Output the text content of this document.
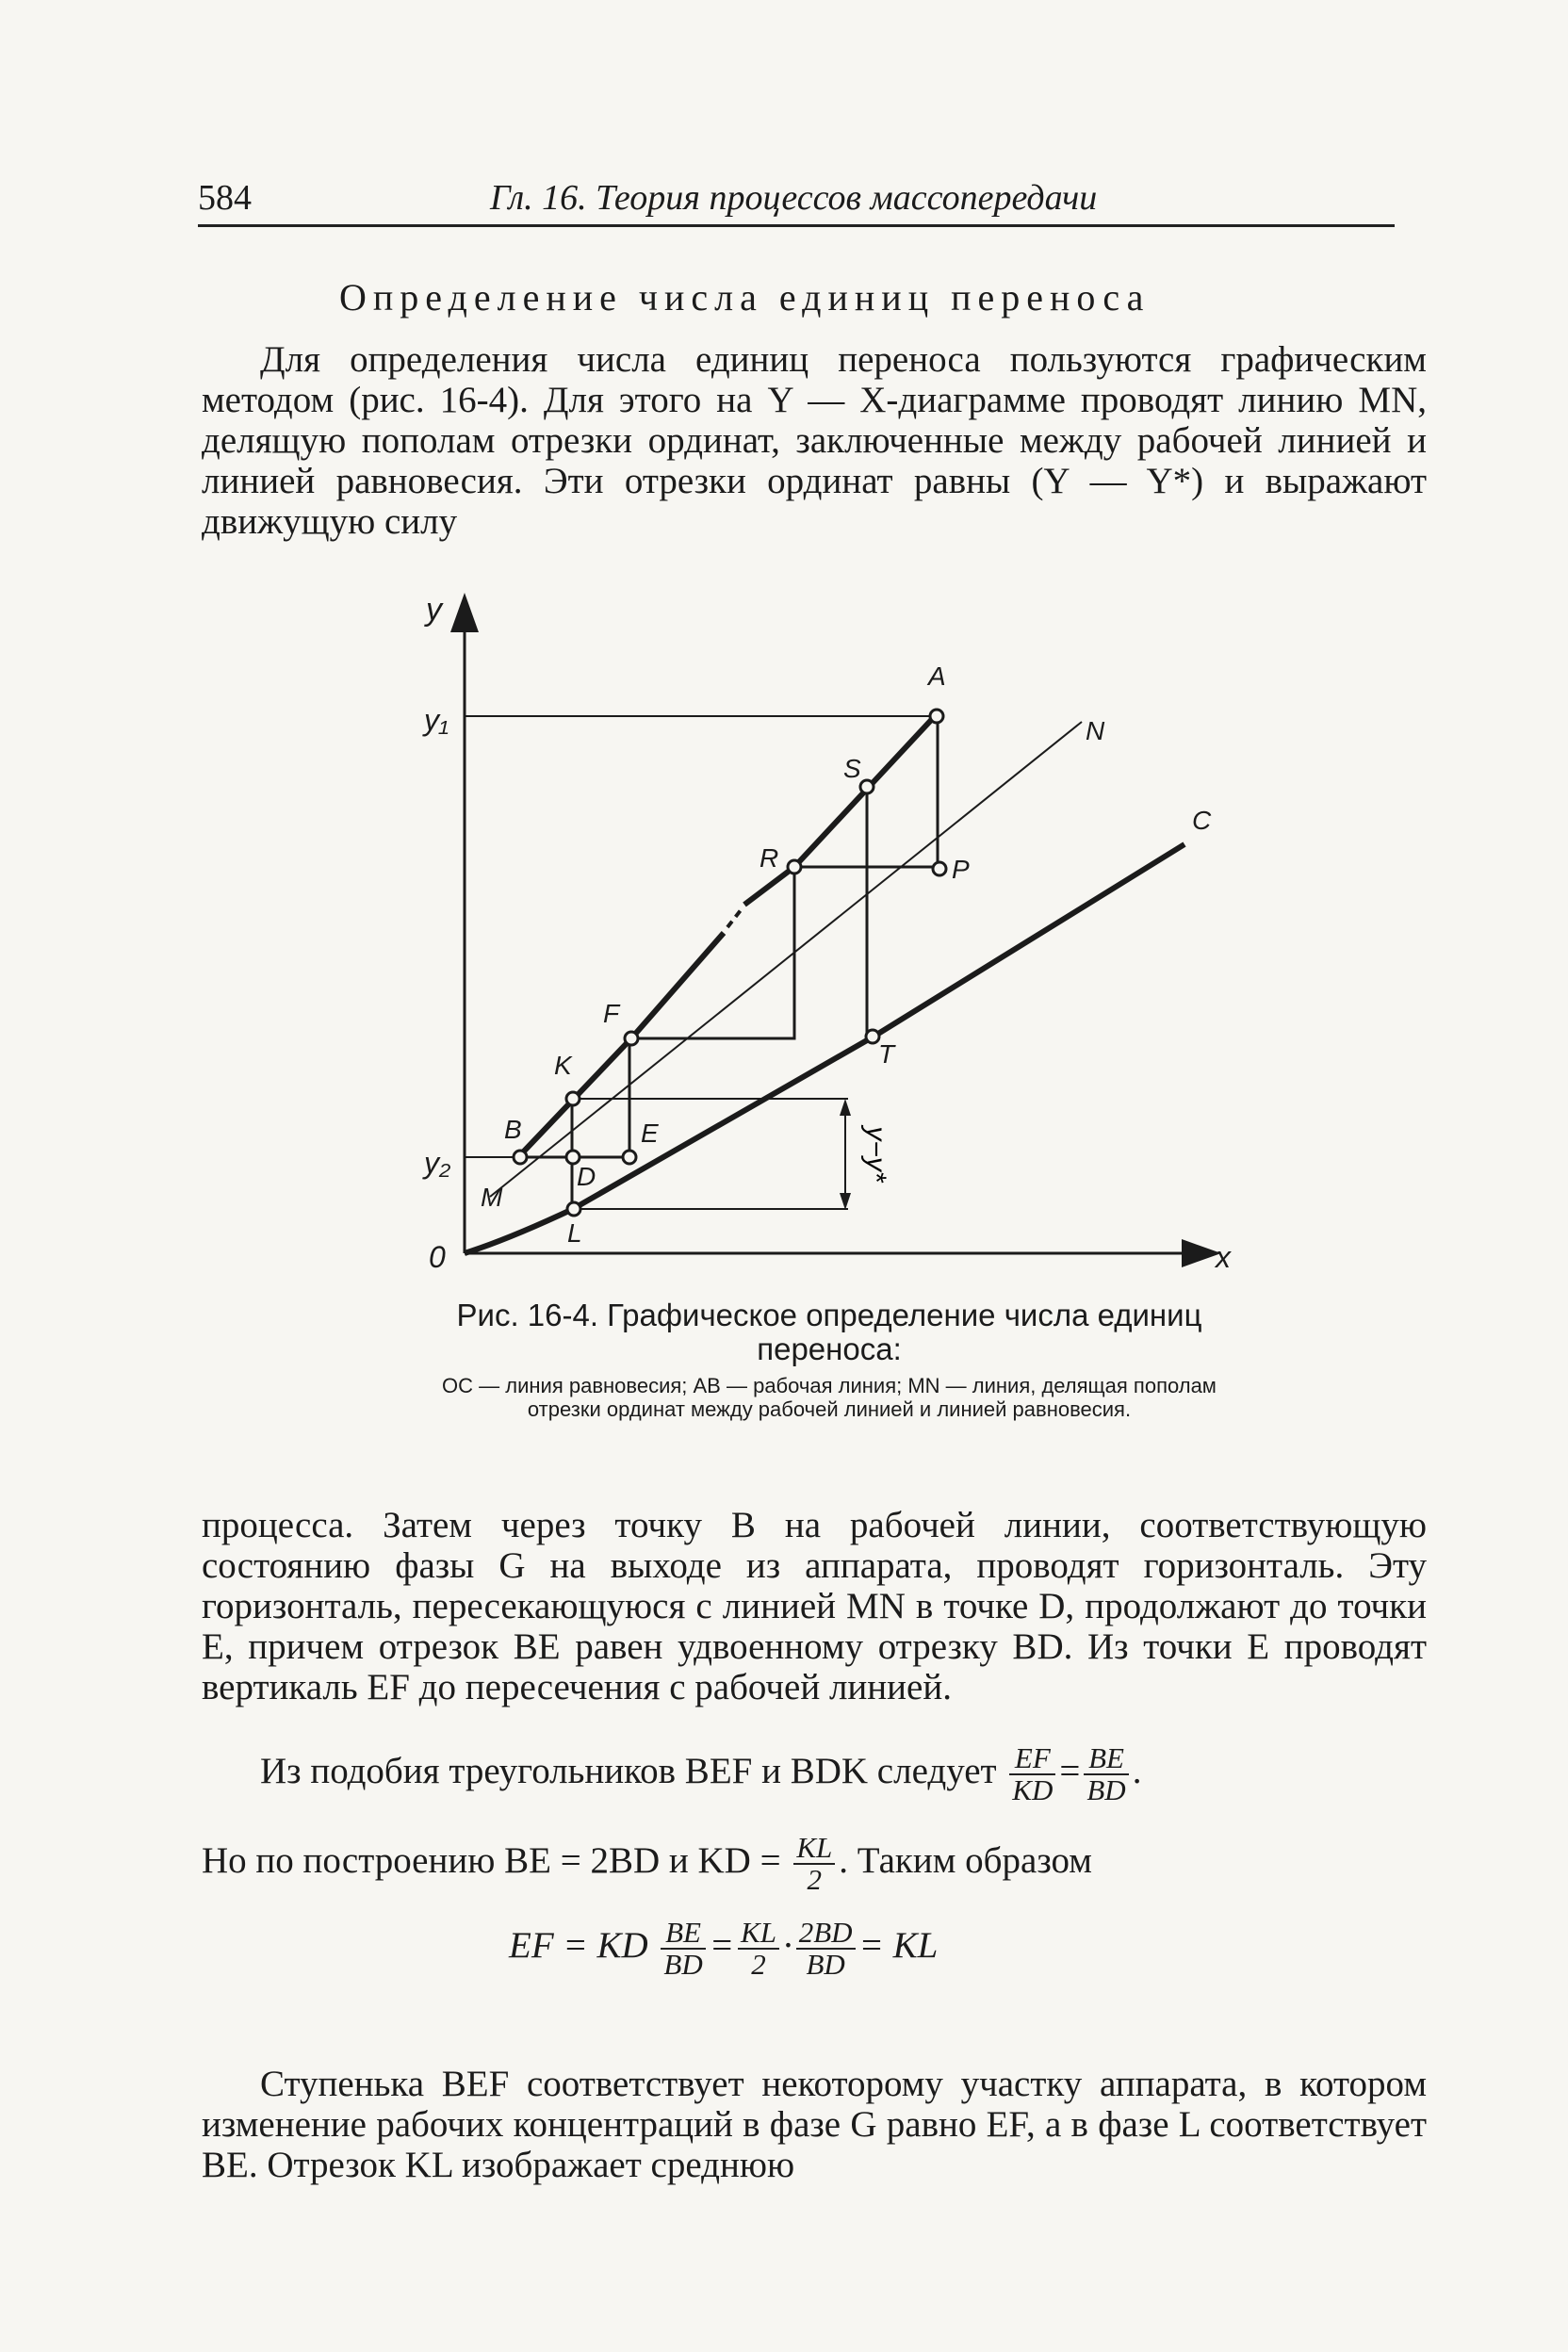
584	Гл. 16. Теория процессов массопередачи
Определение числа единиц переноса

Для определения числа единиц переноса пользуются графическим методом (рис. 16-4). Для этого на Y — X-диаграмме проводят линию MN, делящую пополам отрезки ординат, заключенные между рабочей линией и линией равновесия. Эти отрезки ординат равны (Y — Y*) и выражают движущую силу

y−y*
y
x
0
y₁
y₂
A
N
S
C
R	P
F
T
K
B	E
D
M
L
Рис. 16-4. Графическое определение числа единиц переноса:
OC — линия равновесия; AB — рабочая линия; MN — линия, делящая пополам отрезки ординат между рабочей линией и линией равновесия.

процесса. Затем через точку B на рабочей линии, соответствующую состоянию фазы G на выходе из аппарата, проводят горизонталь. Эту горизонталь, пересекающуюся с линией MN в точке D, продолжают до точки E, причем отрезок BE равен удвоенному отрезку BD. Из точки E проводят вертикаль EF до пересечения с рабочей линией.

Из подобия треугольников BEF и BDK следует $\frac{EF}{KD} = \frac{BE}{BD}$ .
Но по построению BE = 2BD и KD = $\frac{KL}{2}$ . Таким образом
EF = KD $\frac{BE}{BD} = \frac{KL}{2} \cdot \frac{2BD}{BD}$ = KL

Ступенька BEF соответствует некоторому участку аппарата, в котором изменение рабочих концентраций в фазе G равно EF, а в фазе L соответствует BE. Отрезок KL изображает среднюю
